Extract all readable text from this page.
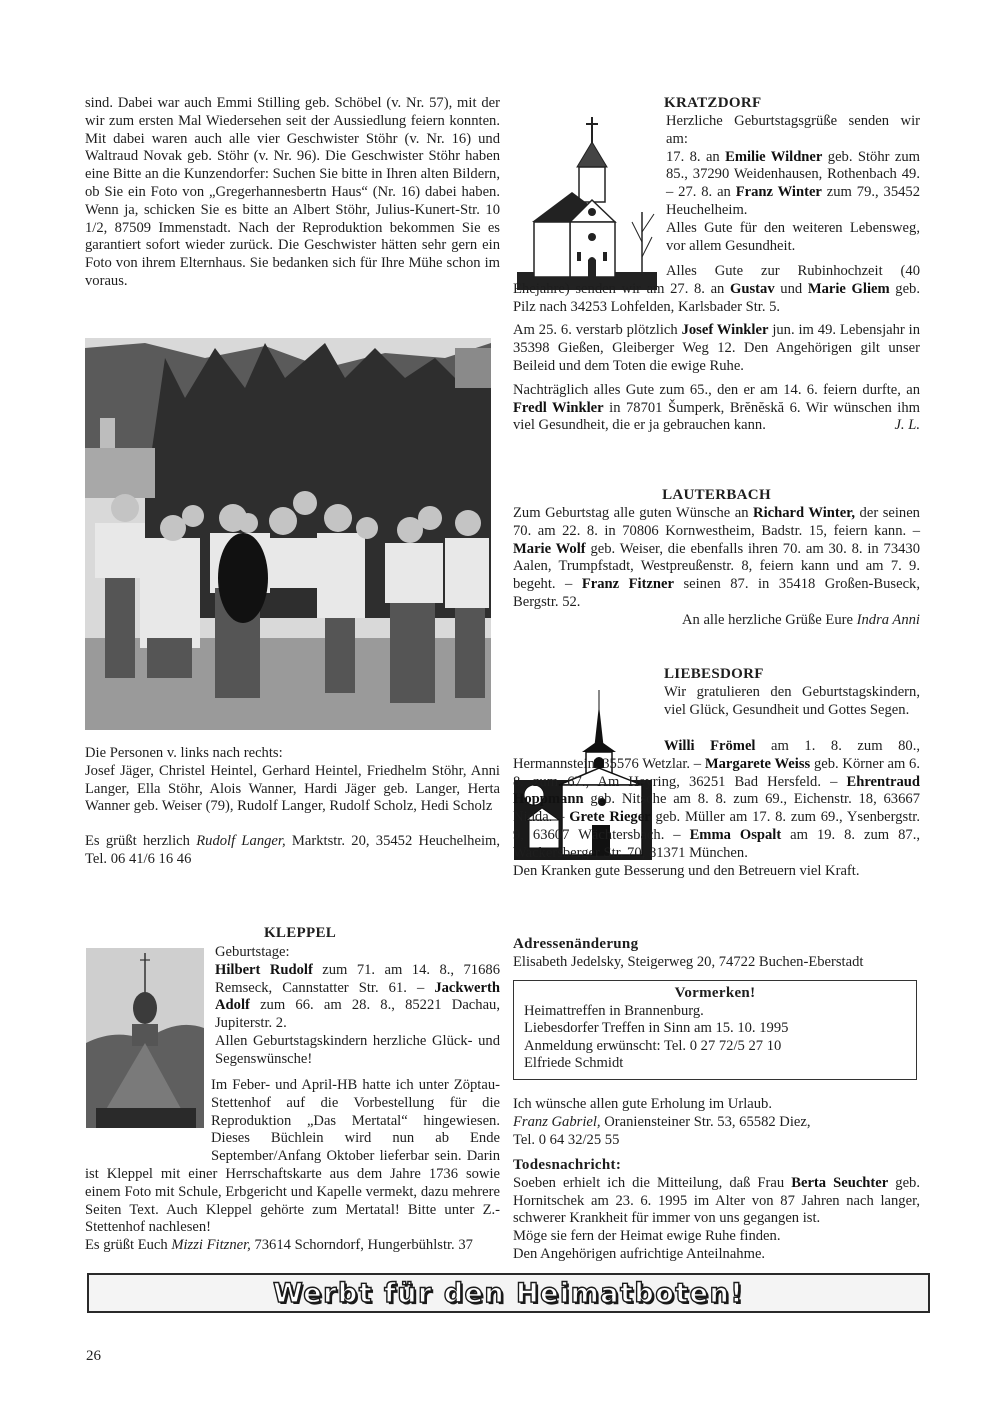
sind. Dabei war auch Emmi Stilling geb. Schöbel (v. Nr. 57), mit der wir zum ersten Mal Wiedersehen seit der Aussiedlung feiern konnten. Mit dabei waren auch alle vier Geschwister Stöhr (v. Nr. 16) und Waltraud Novak geb. Stöhr (v. Nr. 96). Die Geschwister Stöhr haben eine Bitte an die Kunzendorfer: Suchen Sie bitte in Ihren alten Bildern, ob Sie ein Foto von „Gregerhannesbertn Haus“ (Nr. 16) dabei haben. Wenn ja, schicken Sie es bitte an Albert Stöhr, Julius-Kunert-Str. 10 1/2, 87509 Immenstadt. Nach der Reproduktion bekommen Sie es garantiert sofort wieder zurück. Die Geschwister hätten sehr gern ein Foto von ihrem Elternhaus. Sie bedanken sich für Ihre Mühe schon im voraus.

Die Personen v. links nach rechts:

Josef Jäger, Christel Heintel, Gerhard Heintel, Friedhelm Stöhr, Anni Langer, Ella Stöhr, Alois Wanner, Hardi Jäger geb. Langer, Herta Wanner geb. Weiser (79), Rudolf Langer, Rudolf Scholz, Hedi Scholz

Es grüßt herzlich Rudolf Langer, Marktstr. 20, 35452 Heuchelheim, Tel. 06 41/6 16 46

KLEPPEL

Geburtstage:

Hilbert Rudolf zum 71. am 14. 8., 71686 Remseck, Cannstatter Str. 61. – Jackwerth Adolf zum 66. am 28. 8., 85221 Dachau, Jupiterstr. 2.

Allen Geburtstagskindern herzliche Glück- und Segenswünsche!

Im Feber- und April-HB hatte ich unter Zöptau-Stettenhof auf die Vorbestellung für die Reproduktion „Das Mertatal“ hingewiesen. Dieses Büchlein wird nun ab Ende September/Anfang Oktober lieferbar sein. Darin ist Kleppel mit einer Herrschaftskarte aus dem Jahre 1736 sowie einem Foto mit Schule, Erbgericht und Kapelle vermekt, dazu mehrere Seiten Text. Auch Kleppel gehörte zum Mertatal! Bitte unter Z.-Stettenhof nachlesen!

Es grüßt Euch Mizzi Fitzner, 73614 Schorndorf, Hungerbühlstr. 37

KRATZDORF

Herzliche Geburtstagsgrüße senden wir am:

17. 8. an Emilie Wildner geb. Stöhr zum 85., 37290 Weidenhausen, Rothenbach 49. – 27. 8. an Franz Winter zum 79., 35452 Heuchelheim.

Alles Gute für den weiteren Lebensweg, vor allem Gesundheit.

Alles Gute zur Rubinhochzeit (40 Ehejahre) senden wir am 27. 8. an Gustav und Marie Gliem geb. Pilz nach 34253 Lohfelden, Karlsbader Str. 5.

Am 25. 6. verstarb plötzlich Josef Winkler jun. im 49. Lebensjahr in 35398 Gießen, Gleiberger Weg 12. Den Angehörigen gilt unser Beileid und dem Toten die ewige Ruhe.

Nachträglich alles Gute zum 65., den er am 14. 6. feiern durfte, an Fredl Winkler in 78701 Šumperk, Brĕnĕskă 6. Wir wünschen ihm viel Gesundheit, die er ja gebrauchen kann.	J. L.

LAUTERBACH

Zum Geburtstag alle guten Wünsche an Richard Winter, der seinen 70. am 22. 8. in 70806 Kornwestheim, Badstr. 15, feiern kann. – Marie Wolf geb. Weiser, die ebenfalls ihren 70. am 30. 8. in 73430 Aalen, Trumpfstadt, Westpreußenstr. 8, feiern kann und am 7. 9. begeht. – Franz Fitzner seinen 87. in 35418 Großen-Buseck, Bergstr. 52.

An alle herzliche Grüße Eure Indra Anni

LIEBESDORF

Wir gratulieren den Geburtstagskindern, viel Glück, Gesundheit und Gottes Segen.

Willi Frömel am 1. 8. zum 80., Hermannstein, 35576 Wetzlar. – Margarete Weiss geb. Körner am 6. 8. zum 67., Am Heyring, 36251 Bad Hersfeld. – Ehrentraud Hoppmann geb. Nitsche am 8. 8. zum 69., Eichenstr. 18, 63667 Nidda. – Grete Rieger geb. Müller am 17. 8. zum 69., Ysenbergstr. 9, 63607 Wächtersbach. – Emma Ospalt am 19. 8. zum 87., Wackersberger Str. 70, 81371 München.

Den Kranken gute Besserung und den Betreuern viel Kraft.

Adressenänderung

Elisabeth Jedelsky, Steigerweg 20, 74722 Buchen-Eberstadt

Vormerken!

Heimattreffen in Brannenburg.

Liebesdorfer Treffen in Sinn am 15. 10. 1995

Anmeldung erwünscht: Tel. 0 27 72/5 27 10

Elfriede Schmidt

Ich wünsche allen gute Erholung im Urlaub.

Franz Gabriel, Oranienstеiner Str. 53, 65582 Diez,

Tel. 0 64 32/25 55

Todesnachricht:

Soeben erhielt ich die Mitteilung, daß Frau Berta Seuchter geb. Hornitschek am 23. 6. 1995 im Alter von 87 Jahren nach langer, schwerer Krankheit für immer von uns gegangen ist.

Möge sie fern der Heimat ewige Ruhe finden.

Den Angehörigen aufrichtige Anteilnahme.

Werbt für den Heimatboten!
26
